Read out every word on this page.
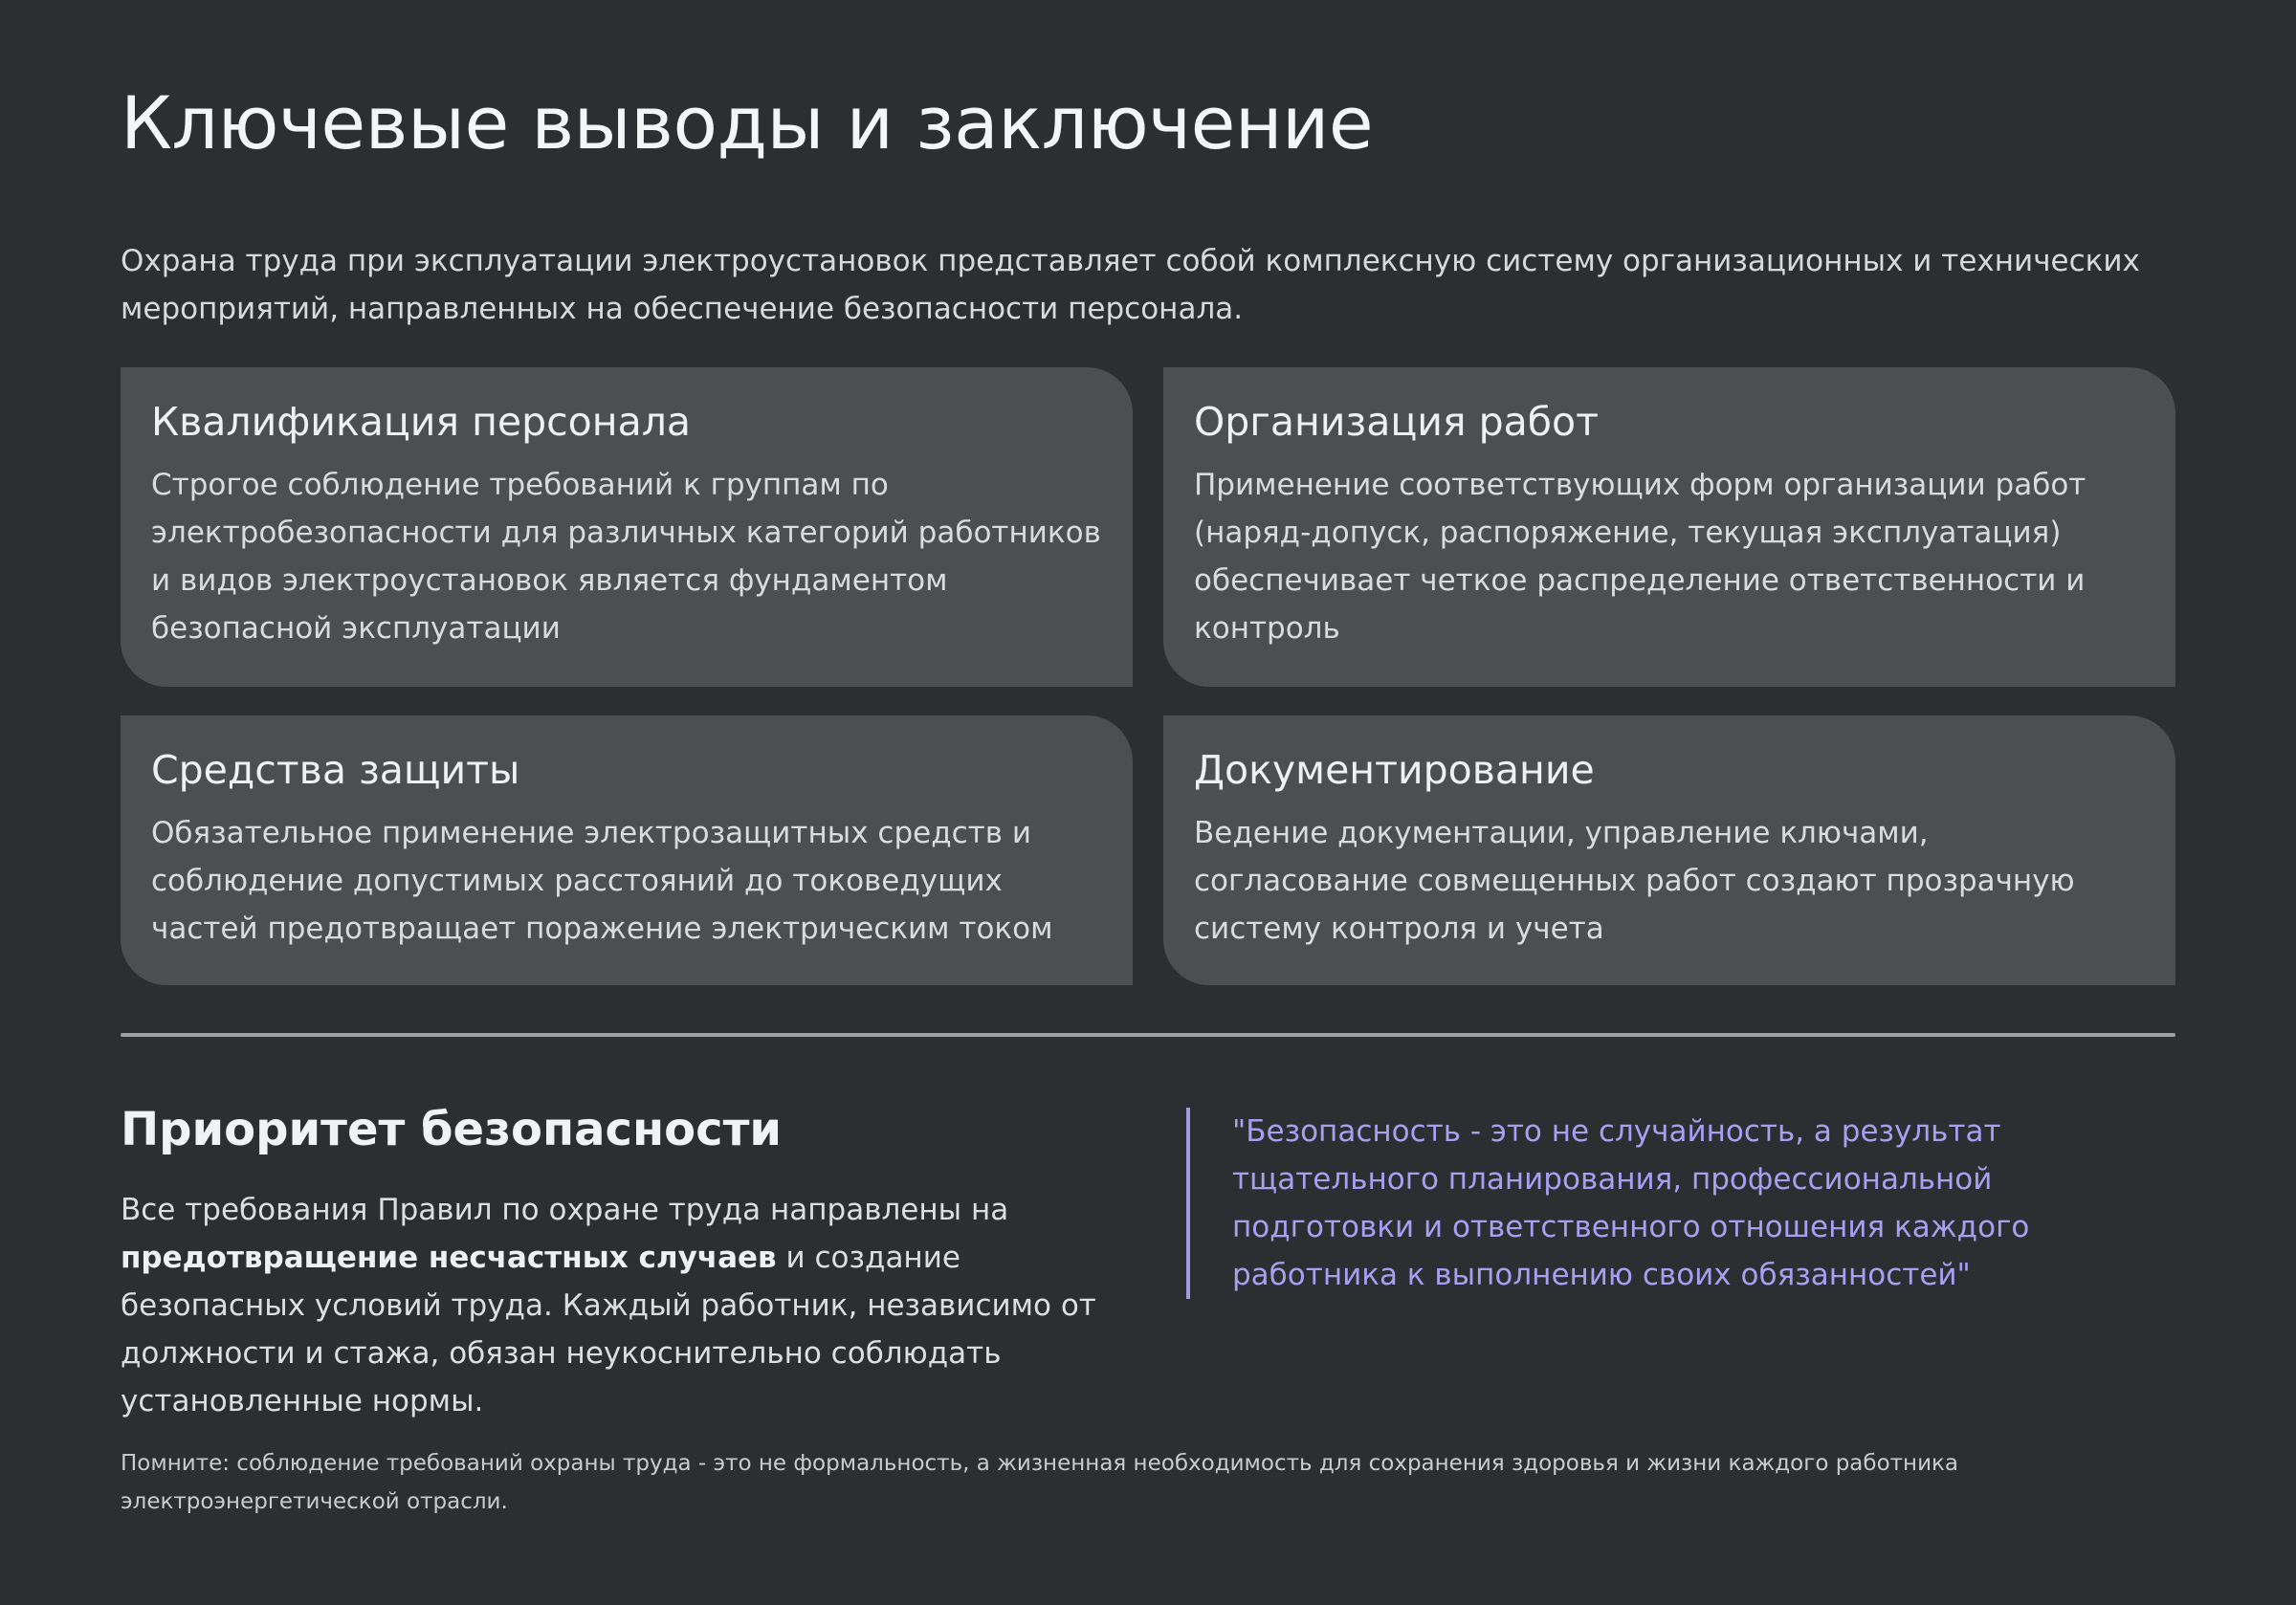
Ключевые выводы и заключение

Охрана труда при эксплуатации электроустановок представляет собой комплексную систему организационных и технических мероприятий, направленных на обеспечение безопасности персонала.

Квалификация персонала
Строгое соблюдение требований к группам по электробезопасности для различных категорий работников и видов электроустановок является фундаментом безопасной эксплуатации
Организация работ
Применение соответствующих форм организации работ (наряд-допуск, распоряжение, текущая эксплуатация) обеспечивает четкое распределение ответственности и контроль
Средства защиты
Обязательное применение электрозащитных средств и соблюдение допустимых расстояний до токоведущих частей предотвращает поражение электрическим током
Документирование
Ведение документации, управление ключами, согласование совмещенных работ создают прозрачную систему контроля и учета
Приоритет безопасности

Все требования Правил по охране труда направлены на предотвращение несчастных случаев и создание безопасных условий труда. Каждый работник, независимо от должности и стажа, обязан неукоснительно соблюдать установленные нормы.

"Безопасность - это не случайность, а результат тщательного планирования, профессиональной подготовки и ответственного отношения каждого работника к выполнению своих обязанностей"

Помните: соблюдение требований охраны труда - это не формальность, а жизненная необходимость для сохранения здоровья и жизни каждого работника электроэнергетической отрасли.
